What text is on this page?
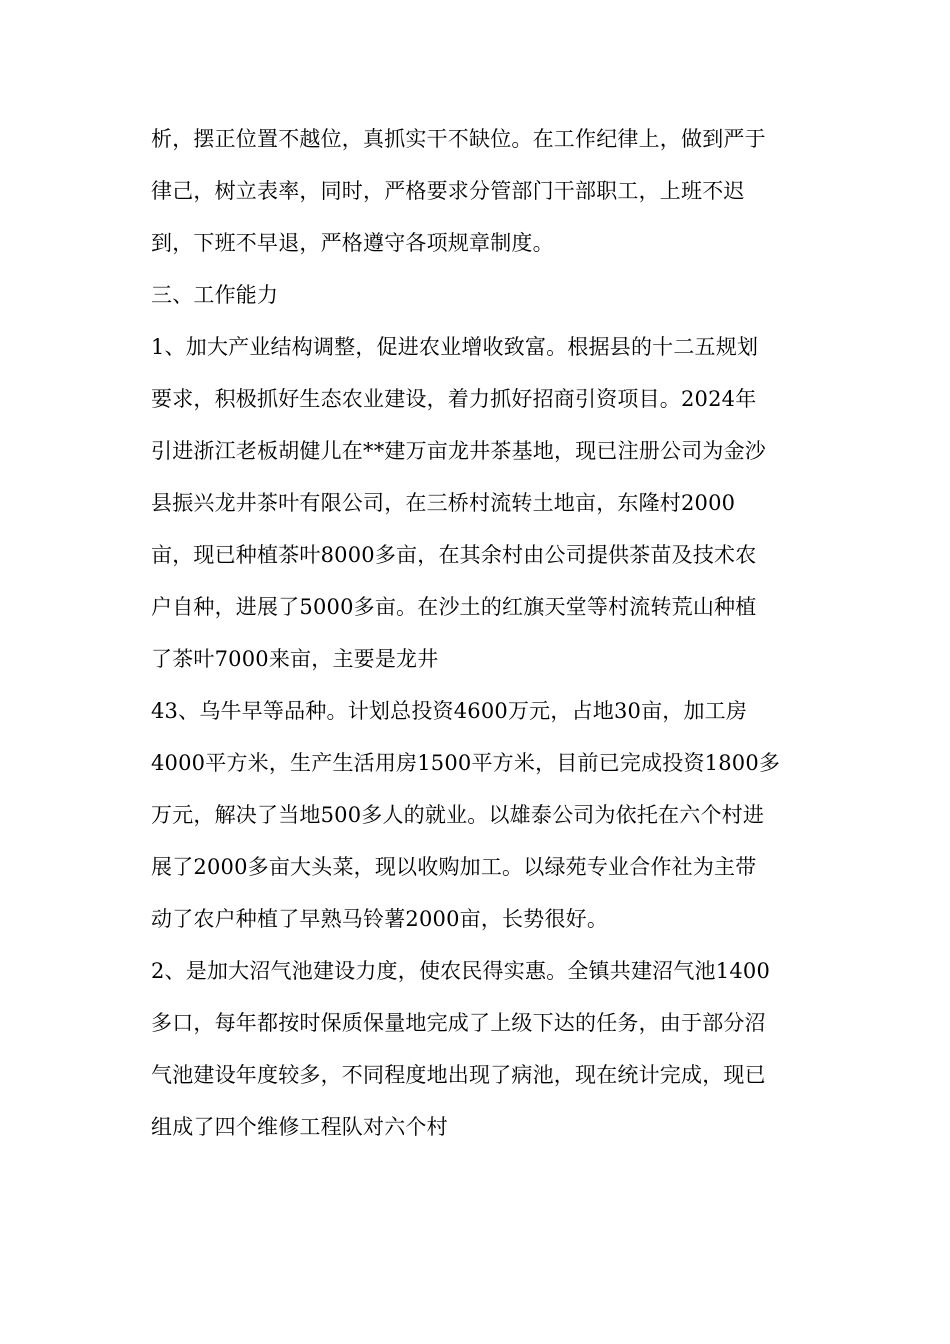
析，摆正位置不越位，真抓实干不缺位。在工作纪律上，做到严于
律己，树立表率，同时，严格要求分管部门干部职工，上班不迟
到，下班不早退，严格遵守各项规章制度。
三、工作能力
1、加大产业结构调整，促进农业增收致富。根据县的十二五规划
要求，积极抓好生态农业建设，着力抓好招商引资项目。2024年
引进浙江老板胡健儿在**建万亩龙井茶基地，现已注册公司为金沙
县振兴龙井茶叶有限公司，在三桥村流转土地亩，东隆村2000
亩，现已种植茶叶8000多亩，在其余村由公司提供茶苗及技术农
户自种，进展了5000多亩。在沙土的红旗天堂等村流转荒山种植
了茶叶7000来亩，主要是龙井
43、乌牛早等品种。计划总投资4600万元，占地30亩，加工房
4000平方米，生产生活用房1500平方米，目前已完成投资1800多
万元，解决了当地500多人的就业。以雄泰公司为依托在六个村进
展了2000多亩大头菜，现以收购加工。以绿苑专业合作社为主带
动了农户种植了早熟马铃薯2000亩，长势很好。
2、是加大沼气池建设力度，使农民得实惠。全镇共建沼气池1400
多口，每年都按时保质保量地完成了上级下达的任务，由于部分沼
气池建设年度较多，不同程度地出现了病池，现在统计完成，现已
组成了四个维修工程队对六个村
